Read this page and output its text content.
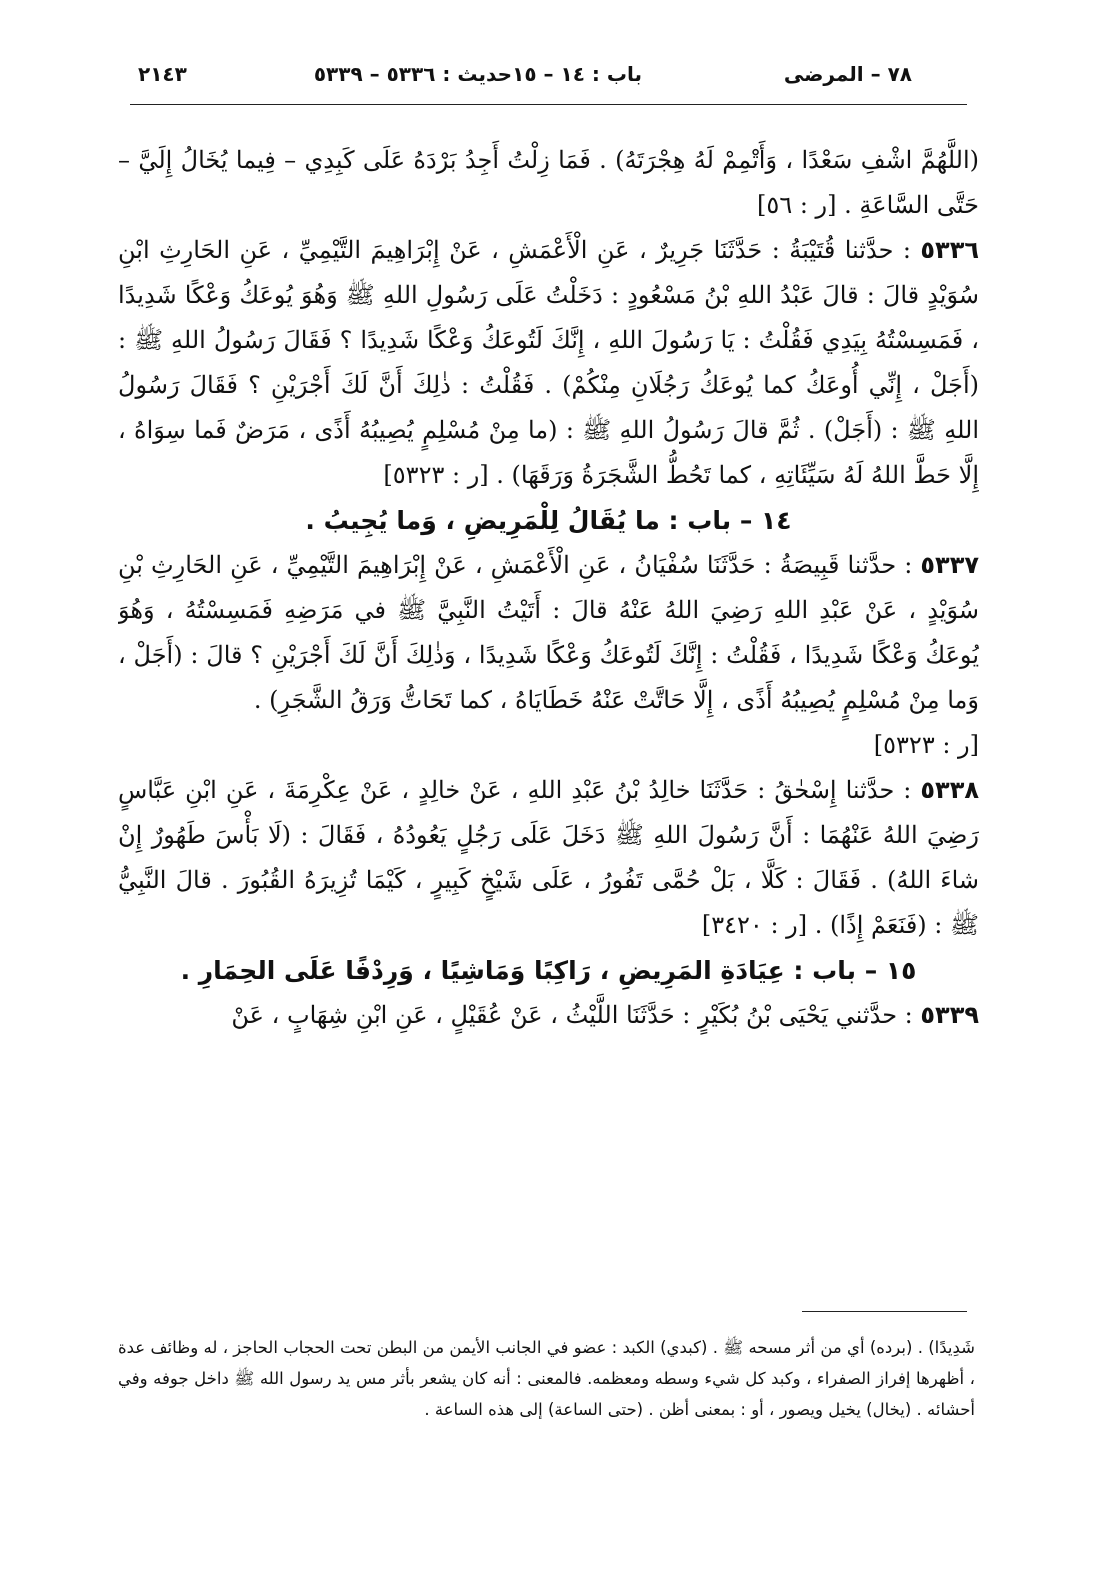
٧٨ – المرضى
باب : ١٤ – ١٥
حديث : ٥٣٣٦ – ٥٣٣٩
٢١٤٣

(اللَّهُمَّ اشْفِ سَعْدًا ، وَأَتْمِمْ لَهُ هِجْرَتَهُ) . فَمَا زِلْتُ أَجِدُ بَرْدَهُ عَلَى كَبِدِي – فِيما يُخَالُ إِلَيَّ – حَتَّى السَّاعَةِ . [ر : ٥٦]

٥٣٣٦ : حدَّثنا قُتَيْبَةُ : حَدَّثَنَا جَرِيرٌ ، عَنِ الْأَعْمَشِ ، عَنْ إِبْرَاهِيمَ التَّيْمِيِّ ، عَنِ الحَارِثِ ابْنِ سُوَيْدٍ قالَ : قالَ عَبْدُ اللهِ بْنُ مَسْعُودٍ : دَخَلْتُ عَلَى رَسُولِ اللهِ ﷺ وَهُوَ يُوعَكُ وَعْكًا شَدِيدًا ، فَمَسِسْتُهُ بِيَدِي فَقُلْتُ : يَا رَسُولَ اللهِ ، إِنَّكَ لَتُوعَكُ وَعْكًا شَدِيدًا ؟ فَقَالَ رَسُولُ اللهِ ﷺ : (أَجَلْ ، إِنِّي أُوعَكُ كما يُوعَكُ رَجُلَانِ مِنْكُمْ) . فَقُلْتُ : ذٰلِكَ أَنَّ لَكَ أَجْرَيْنِ ؟ فَقَالَ رَسُولُ اللهِ ﷺ : (أَجَلْ) . ثُمَّ قالَ رَسُولُ اللهِ ﷺ : (ما مِنْ مُسْلِمٍ يُصِيبُهُ أَذًى ، مَرَضٌ فَما سِوَاهُ ، إِلَّا حَطَّ اللهُ لَهُ سَيِّئَاتِهِ ، كما تَحُطُّ الشَّجَرَةُ وَرَقَهَا) . [ر : ٥٣٢٣]

١٤ – باب : ما يُقَالُ لِلْمَرِيضِ ، وَما يُجِيبُ .

٥٣٣٧ : حدَّثنا قَبِيصَةُ : حَدَّثَنَا سُفْيَانُ ، عَنِ الْأَعْمَشِ ، عَنْ إِبْرَاهِيمَ التَّيْمِيِّ ، عَنِ الحَارِثِ بْنِ سُوَيْدٍ ، عَنْ عَبْدِ اللهِ رَضِيَ اللهُ عَنْهُ قالَ : أَتَيْتُ النَّبِيَّ ﷺ في مَرَضِهِ فَمَسِسْتُهُ ، وَهُوَ يُوعَكُ وَعْكًا شَدِيدًا ، فَقُلْتُ : إِنَّكَ لَتُوعَكُ وَعْكًا شَدِيدًا ، وَذٰلِكَ أَنَّ لَكَ أَجْرَيْنِ ؟ قالَ : (أَجَلْ ، وَما مِنْ مُسْلِمٍ يُصِيبُهُ أَذًى ، إِلَّا حَاتَّتْ عَنْهُ خَطَايَاهُ ، كما تَحَاتُّ وَرَقُ الشَّجَرِ) .
[ر : ٥٣٢٣]

٥٣٣٨ : حدَّثنا إِسْحٰقُ : حَدَّثَنَا خالِدُ بْنُ عَبْدِ اللهِ ، عَنْ خالِدٍ ، عَنْ عِكْرِمَةَ ، عَنِ ابْنِ عَبَّاسٍ رَضِيَ اللهُ عَنْهُمَا : أَنَّ رَسُولَ اللهِ ﷺ دَخَلَ عَلَى رَجُلٍ يَعُودُهُ ، فَقَالَ : (لَا بَأْسَ طَهُورٌ إِنْ شاءَ اللهُ) . فَقَالَ : كَلَّا ، بَلْ حُمَّى تَفُورُ ، عَلَى شَيْخٍ كَبِيرٍ ، كَيْمَا تُزِيرَهُ القُبُورَ . قالَ النَّبِيُّ ﷺ : (فَنَعَمْ إِذًا) . [ر : ٣٤٢٠]

١٥ – باب : عِيَادَةِ المَرِيضِ ، رَاكِبًا وَمَاشِيًا ، وَرِدْفًا عَلَى الحِمَارِ .

٥٣٣٩ : حدَّثني يَحْيَى بْنُ بُكَيْرٍ : حَدَّثَنَا اللَّيْثُ ، عَنْ عُقَيْلٍ ، عَنِ ابْنِ شِهَابٍ ، عَنْ

شَدِيدًا) . (برده) أي من أثر مسحه ﷺ . (كبدي) الكبد : عضو في الجانب الأيمن من البطن تحت الحجاب الحاجز ، له وظائف عدة ، أظهرها إفراز الصفراء ، وكبد كل شيء وسطه ومعظمه. فالمعنى : أنه كان يشعر بأثر مس يد رسول الله ﷺ داخل جوفه وفي أحشائه . (يخال) يخيل ويصور ، أو : بمعنى أظن . (حتى الساعة) إلى هذه الساعة .
